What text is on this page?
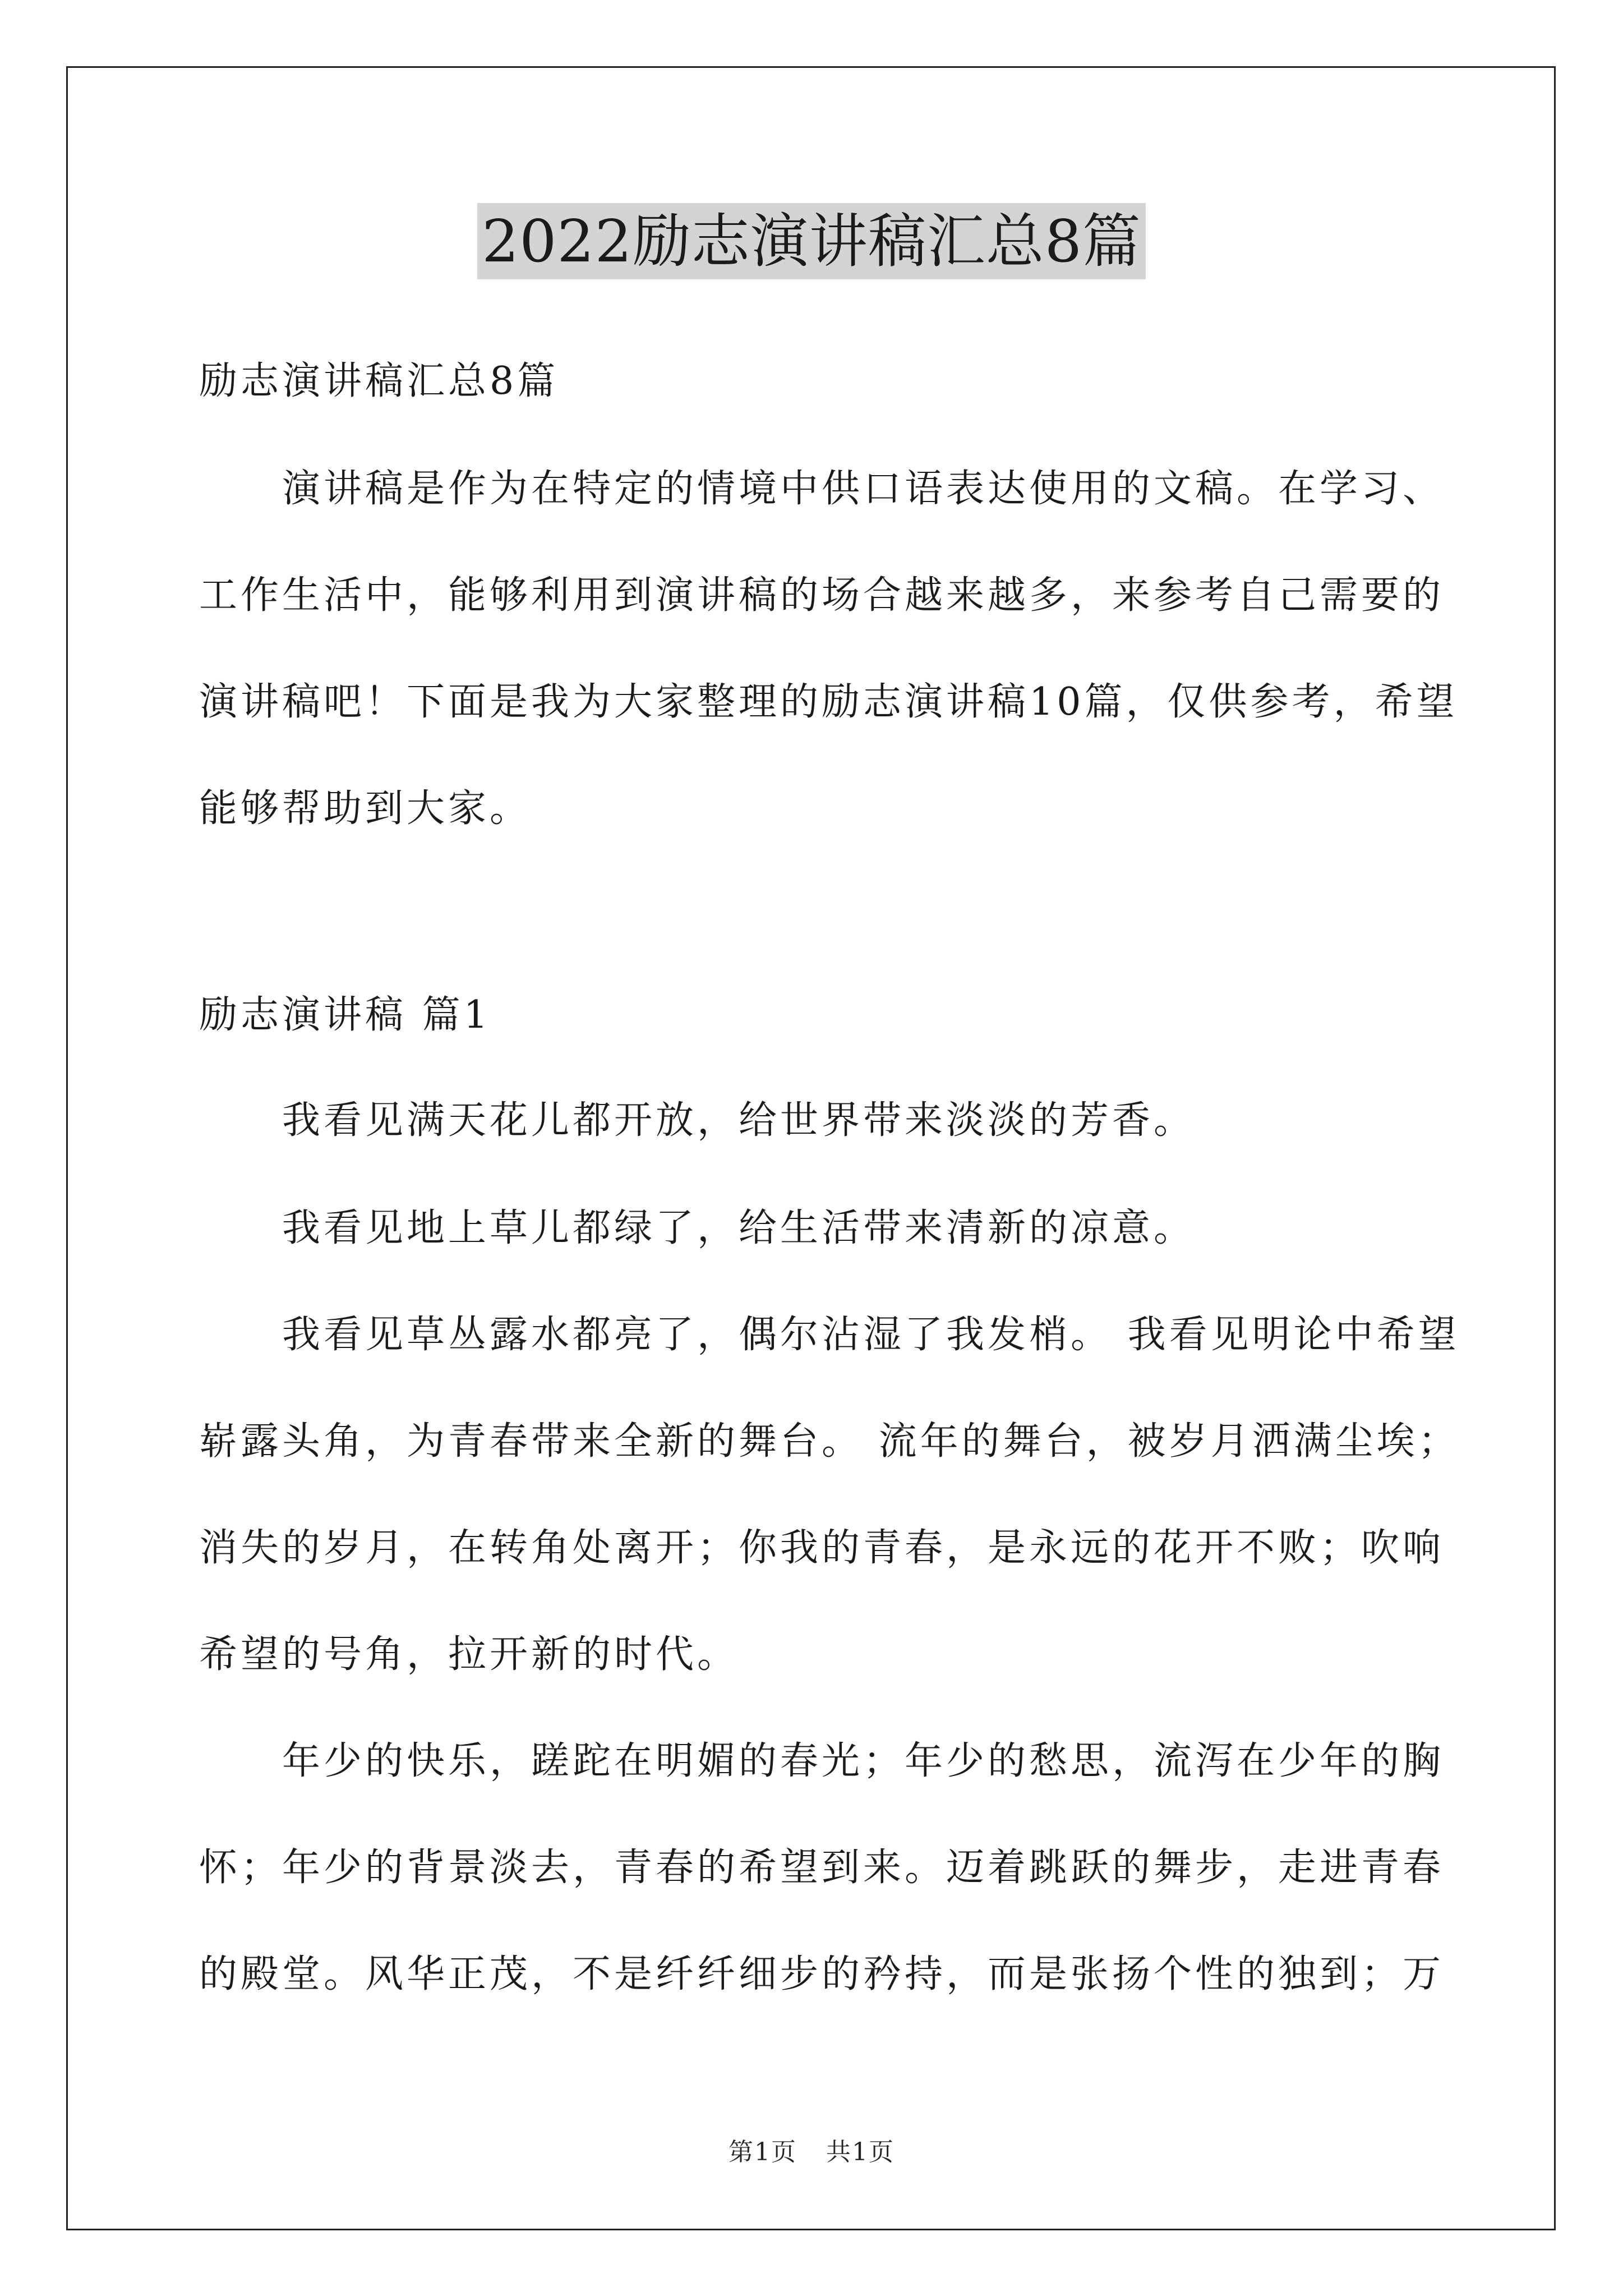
2022励志演讲稿汇总8篇
励志演讲稿汇总8篇
演讲稿是作为在特定的情境中供口语表达使用的文稿。在学习、
工作生活中，能够利用到演讲稿的场合越来越多，来参考自己需要的
演讲稿吧！下面是我为大家整理的励志演讲稿10篇，仅供参考，希望
能够帮助到大家。
励志演讲稿 篇1
我看见满天花儿都开放，给世界带来淡淡的芳香。
我看见地上草儿都绿了，给生活带来清新的凉意。
我看见草丛露水都亮了，偶尔沾湿了我发梢。 我看见明论中希望
崭露头角，为青春带来全新的舞台。 流年的舞台，被岁月洒满尘埃；
消失的岁月，在转角处离开；你我的青春，是永远的花开不败；吹响
希望的号角，拉开新的时代。
年少的快乐，蹉跎在明媚的春光；年少的愁思，流泻在少年的胸
怀；年少的背景淡去，青春的希望到来。迈着跳跃的舞步，走进青春
的殿堂。风华正茂，不是纤纤细步的矜持，而是张扬个性的独到；万
第1页 共1页
